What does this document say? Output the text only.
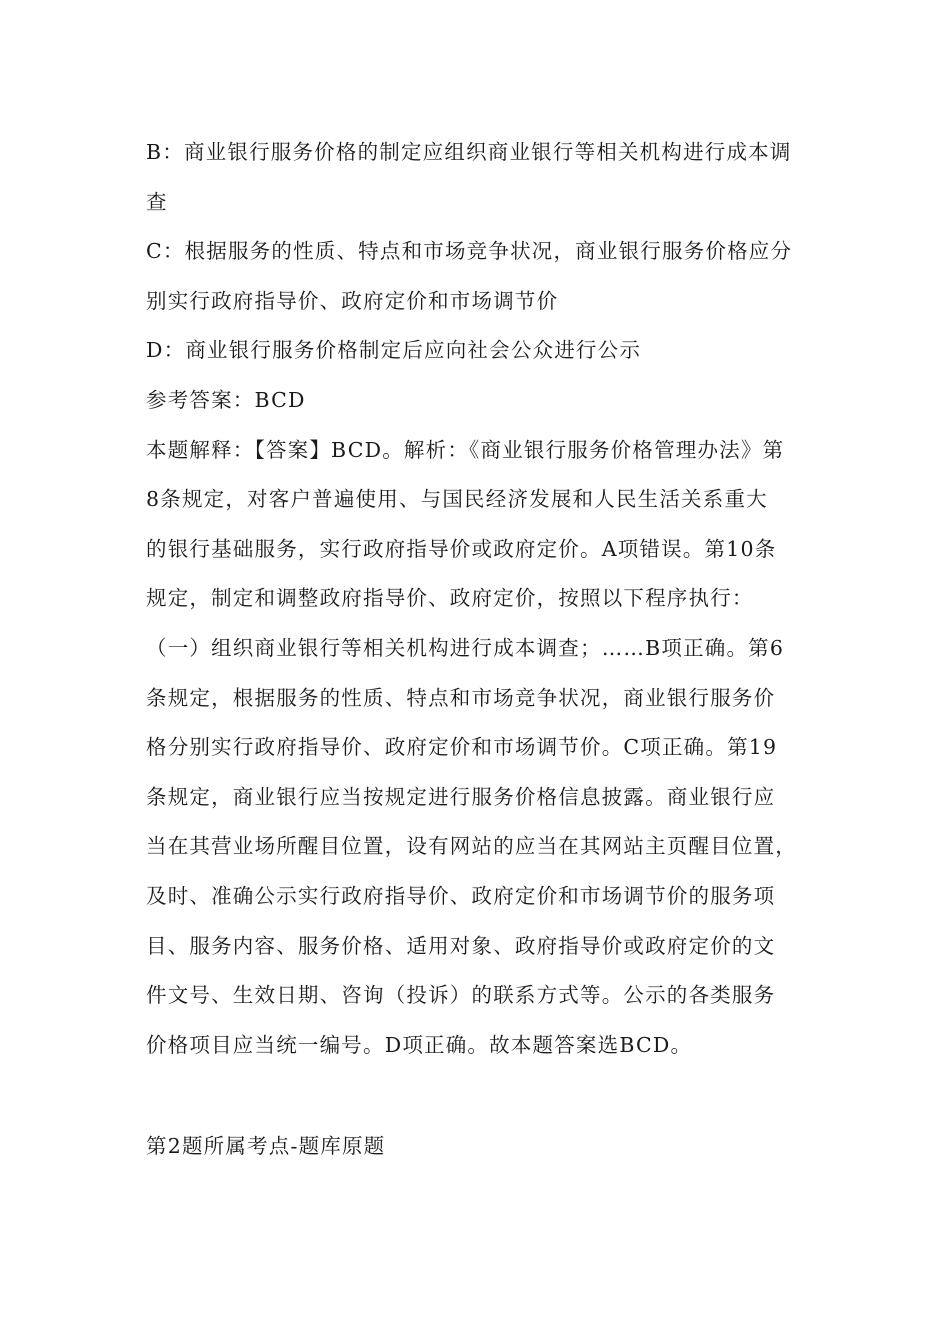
B：商业银行服务价格的制定应组织商业银行等相关机构进行成本调
查
C：根据服务的性质、特点和市场竞争状况，商业银行服务价格应分
别实行政府指导价、政府定价和市场调节价
D：商业银行服务价格制定后应向社会公众进行公示
参考答案：BCD
本题解释：【答案】BCD。解析：《商业银行服务价格管理办法》第
8条规定，对客户普遍使用、与国民经济发展和人民生活关系重大
的银行基础服务，实行政府指导价或政府定价。A项错误。第10条
规定，制定和调整政府指导价、政府定价，按照以下程序执行：
（一）组织商业银行等相关机构进行成本调查；……B项正确。第6
条规定，根据服务的性质、特点和市场竞争状况，商业银行服务价
格分别实行政府指导价、政府定价和市场调节价。C项正确。第19
条规定，商业银行应当按规定进行服务价格信息披露。商业银行应
当在其营业场所醒目位置，设有网站的应当在其网站主页醒目位置，
及时、准确公示实行政府指导价、政府定价和市场调节价的服务项
目、服务内容、服务价格、适用对象、政府指导价或政府定价的文
件文号、生效日期、咨询（投诉）的联系方式等。公示的各类服务
价格项目应当统一编号。D项正确。故本题答案选BCD。
第2题所属考点-题库原题
